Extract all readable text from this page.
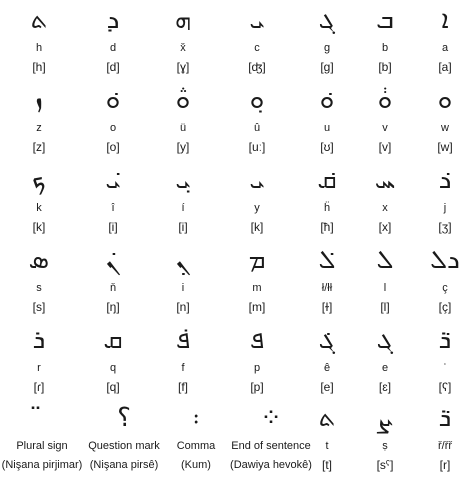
ܬ
h
[h]
ܕ
d
[d]
ܗ
x̌
[ɣ]
ܝ
c
[ʤ]
ܓ
g
[g]
ܒ
b
[b]
ܐ
a
[a]
ܙ
z
[z]
ܘ݁
o
[o]
ܘ݅
ü
[y]
ܘ݂
û
[uː]
ܘ݁
u
[ʊ]
ܘ݃
v
[v]
ܘ
w
[w]
ܟ
k
[k]
ܝ݁
î
[i]
ܝ݂
í
[i]
ܝ
y
[k]
ܩ݁
ḧ
[ħ]
ܚ
x
[x]
ܖ݁
j
[ʒ]
ܣ
s
[s]
ܢ݁
ň
[ŋ]
ܢ݂
i
[n]
ܡ
m
[m]
ܠ݁
ł/łł
[ɫ]
ܠ
l
[l]
ܖܠ
ç
[ç]
ܪ
r
[ɾ]
ܩ
q
[q]
ܦ݁
f
[f]
ܦ
p
[p]
ܓ݁
ê
[e]
ܓ
e
[ɛ]
ܪ݁
ʿ
[ʕ]
Plural sign
(Nişana pirjimar)
؟
Question mark
(Nişana pirsê)
܃
Comma
(Kum)
⁘
End of sentence
(Dawiya hevokê)
ܬ
t
[t]
ܨ
ṣ
[sˤ]
ܪ݁
ř/řř
[r]
